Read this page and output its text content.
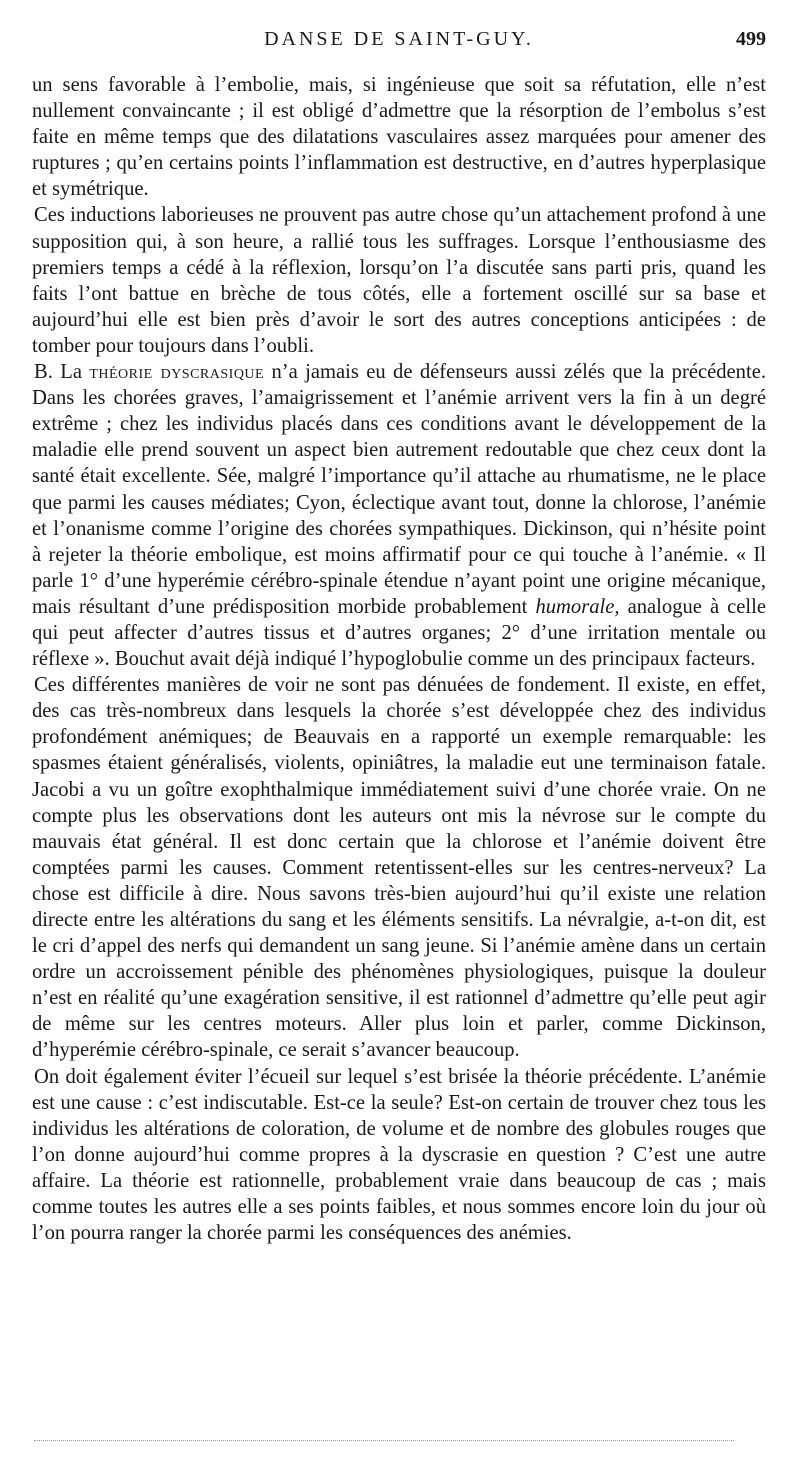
DANSE DE SAINT-GUY.	499

un sens favorable à l’embolie, mais, si ingénieuse que soit sa réfutation, elle n’est nullement convaincante ; il est obligé d’admettre que la résorption de l’embolus s’est faite en même temps que des dilatations vasculaires assez marquées pour amener des ruptures ; qu’en certains points l’inflammation est destructive, en d’autres hyperplasique et symétrique.

Ces inductions laborieuses ne prouvent pas autre chose qu’un attachement profond à une supposition qui, à son heure, a rallié tous les suffrages. Lorsque l’enthousiasme des premiers temps a cédé à la réflexion, lorsqu’on l’a discutée sans parti pris, quand les faits l’ont battue en brèche de tous côtés, elle a fortement oscillé sur sa base et aujourd’hui elle est bien près d’avoir le sort des autres conceptions anticipées : de tomber pour toujours dans l’oubli.

B. La théorie dyscrasique n’a jamais eu de défenseurs aussi zélés que la précédente. Dans les chorées graves, l’amaigrissement et l’anémie arrivent vers la fin à un degré extrême ; chez les individus placés dans ces conditions avant le développement de la maladie elle prend souvent un aspect bien autrement redoutable que chez ceux dont la santé était excellente. Sée, malgré l’importance qu’il attache au rhumatisme, ne le place que parmi les causes médiates; Cyon, éclectique avant tout, donne la chlorose, l’anémie et l’onanisme comme l’origine des chorées sympathiques. Dickinson, qui n’hésite point à rejeter la théorie embolique, est moins affirmatif pour ce qui touche à l’anémie. « Il parle 1° d’une hyperémie cérébro-spinale étendue n’ayant point une origine mécanique, mais résultant d’une prédisposition morbide probablement humorale, analogue à celle qui peut affecter d’autres tissus et d’autres organes; 2° d’une irritation mentale ou réflexe ». Bouchut avait déjà indiqué l’hypoglobulie comme un des principaux facteurs.

Ces différentes manières de voir ne sont pas dénuées de fondement. Il existe, en effet, des cas très-nombreux dans lesquels la chorée s’est développée chez des individus profondément anémiques; de Beauvais en a rapporté un exemple remarquable: les spasmes étaient généralisés, violents, opiniâtres, la maladie eut une terminaison fatale. Jacobi a vu un goître exophthalmique immédiatement suivi d’une chorée vraie. On ne compte plus les observations dont les auteurs ont mis la névrose sur le compte du mauvais état général. Il est donc certain que la chlorose et l’anémie doivent être comptées parmi les causes. Comment retentissent-elles sur les centres-nerveux? La chose est difficile à dire. Nous savons très-bien aujourd’hui qu’il existe une relation directe entre les altérations du sang et les éléments sensitifs. La névralgie, a-t-on dit, est le cri d’appel des nerfs qui demandent un sang jeune. Si l’anémie amène dans un certain ordre un accroissement pénible des phénomènes physiologiques, puisque la douleur n’est en réalité qu’une exagération sensitive, il est rationnel d’admettre qu’elle peut agir de même sur les centres moteurs. Aller plus loin et parler, comme Dickinson, d’hyperémie cérébro-spinale, ce serait s’avancer beaucoup.

On doit également éviter l’écueil sur lequel s’est brisée la théorie précédente. L’anémie est une cause : c’est indiscutable. Est-ce la seule? Est-on certain de trouver chez tous les individus les altérations de coloration, de volume et de nombre des globules rouges que l’on donne aujourd’hui comme propres à la dyscrasie en question ? C’est une autre affaire. La théorie est rationnelle, probablement vraie dans beaucoup de cas ; mais comme toutes les autres elle a ses points faibles, et nous sommes encore loin du jour où l’on pourra ranger la chorée parmi les conséquences des anémies.
